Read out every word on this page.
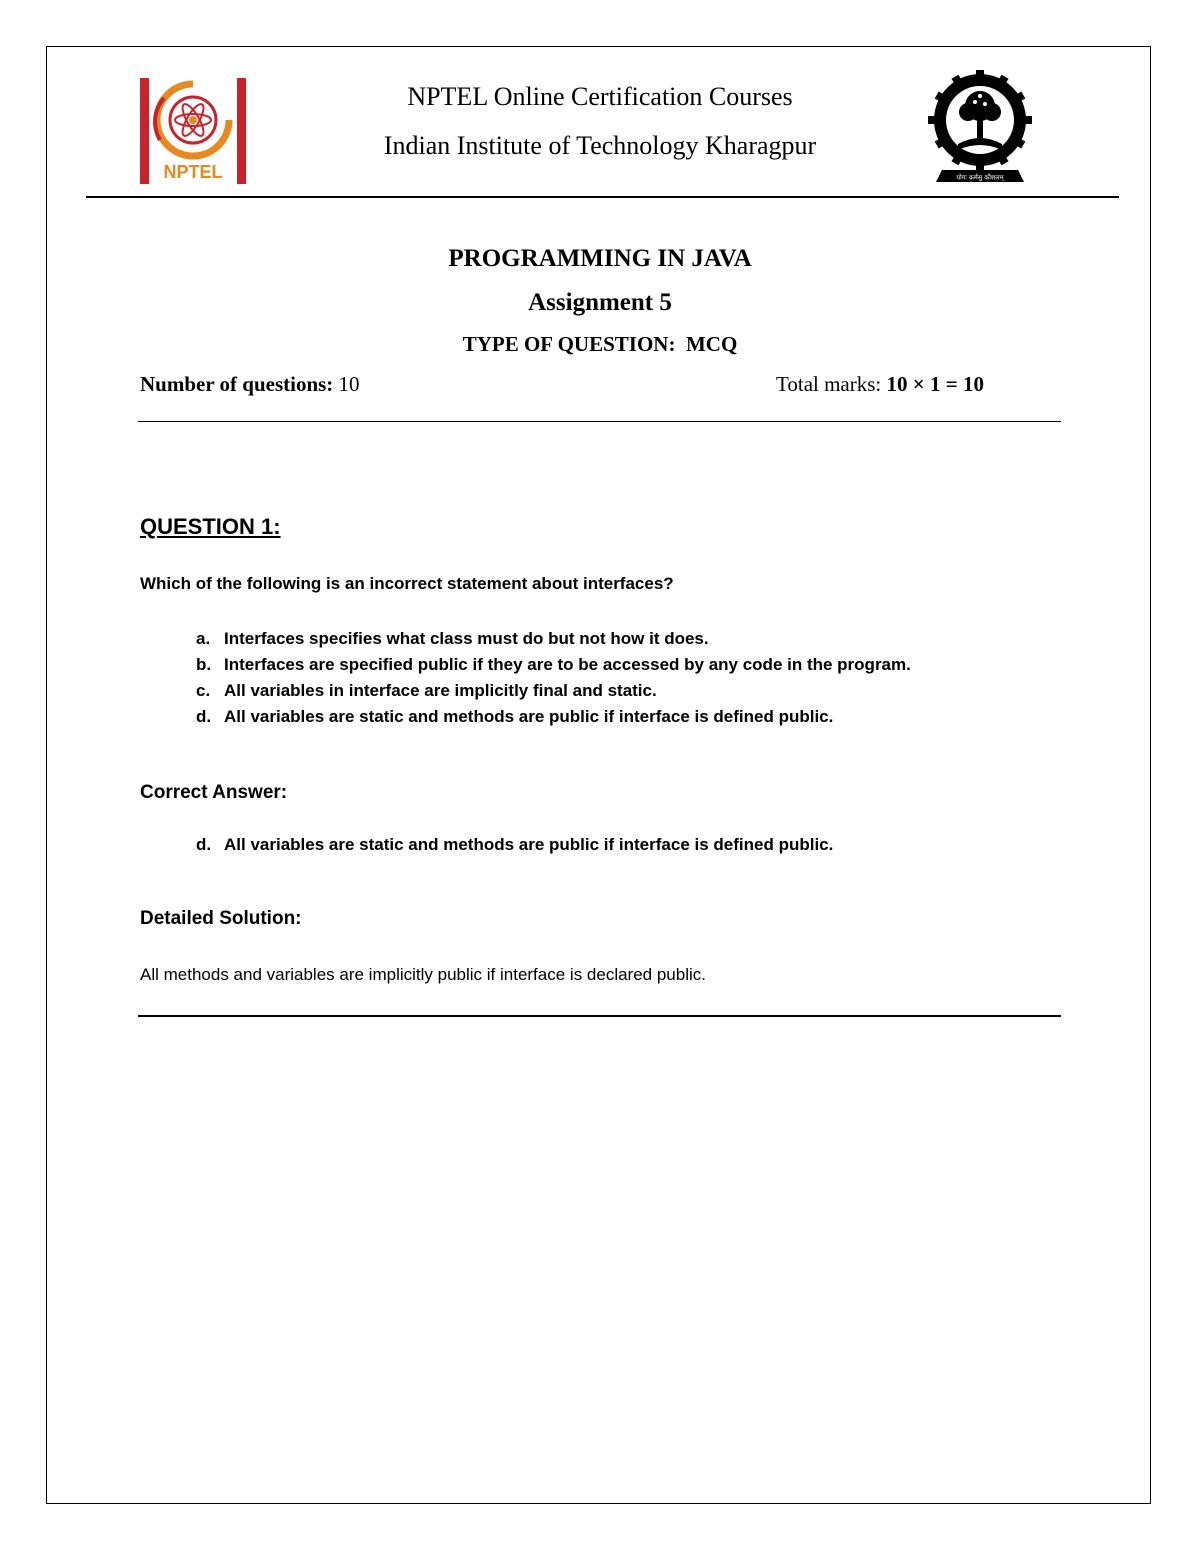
NPTEL
NPTEL Online Certification Courses
Indian Institute of Technology Kharagpur
योगः कर्मसु कौशलम्
PROGRAMMING IN JAVA
Assignment 5
TYPE OF QUESTION: MCQ
Number of questions: 10	Total marks: 10 × 1 = 10
QUESTION 1:
Which of the following is an incorrect statement about interfaces?
a. Interfaces specifies what class must do but not how it does.
b. Interfaces are specified public if they are to be accessed by any code in the program.
c. All variables in interface are implicitly final and static.
d. All variables are static and methods are public if interface is defined public.
Correct Answer:
d. All variables are static and methods are public if interface is defined public.
Detailed Solution:
All methods and variables are implicitly public if interface is declared public.
